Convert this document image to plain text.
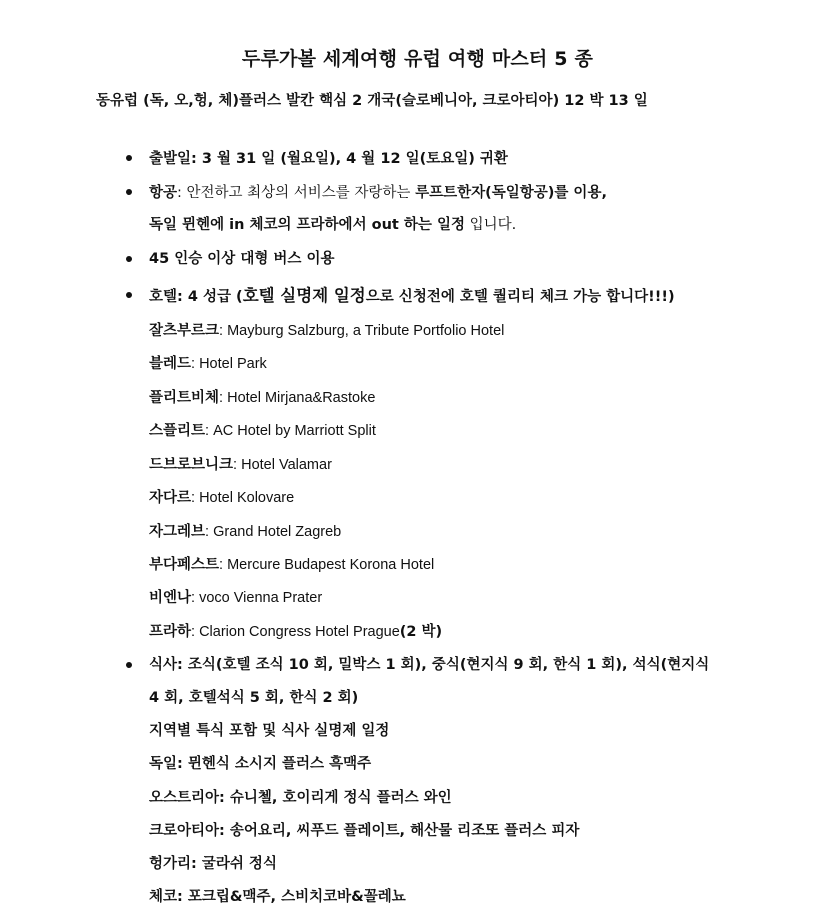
두루가볼 세계여행 유럽 여행 마스터 5 종
동유럽 (독, 오,헝, 체)플러스 발칸 핵심 2 개국(슬로베니아, 크로아티아) 12 박 13 일
출발일: 3 월 31 일 (월요일), 4 월 12 일(토요일) 귀환
항공: 안전하고 최상의 서비스를 자랑하는 루프트한자(독일항공)를 이용,
독일 뮌헨에 in 체코의 프라하에서 out 하는 일정 입니다.
45 인승 이상 대형 버스 이용
호텔: 4 성급 (호텔 실명제 일정으로 신청전에 호텔 퀄리티 체크 가능 합니다!!!)
잘츠부르크: Mayburg Salzburg, a Tribute Portfolio Hotel
블레드: Hotel Park
플리트비체: Hotel Mirjana&Rastoke
스플리트: AC Hotel by Marriott Split
드브로브니크: Hotel Valamar
자다르: Hotel Kolovare
자그레브: Grand Hotel Zagreb
부다페스트: Mercure Budapest Korona Hotel
비엔나: voco Vienna Prater
프라하: Clarion Congress Hotel Prague(2 박)
식사: 조식(호텔 조식 10 회, 밀박스 1 회), 중식(현지식 9 회, 한식 1 회), 석식(현지식
4 회, 호텔석식 5 회, 한식 2 회)
지역별 특식 포함 및 식사 실명제 일정
독일: 뮌헨식 소시지 플러스 흑맥주
오스트리아: 슈니첼, 호이리게 정식 플러스 와인
크로아티아: 송어요리, 씨푸드 플레이트, 해산물 리조또 플러스 피자
헝가리: 굴라쉬 정식
체코: 포크립&맥주, 스비치코바&꼴레뇨
